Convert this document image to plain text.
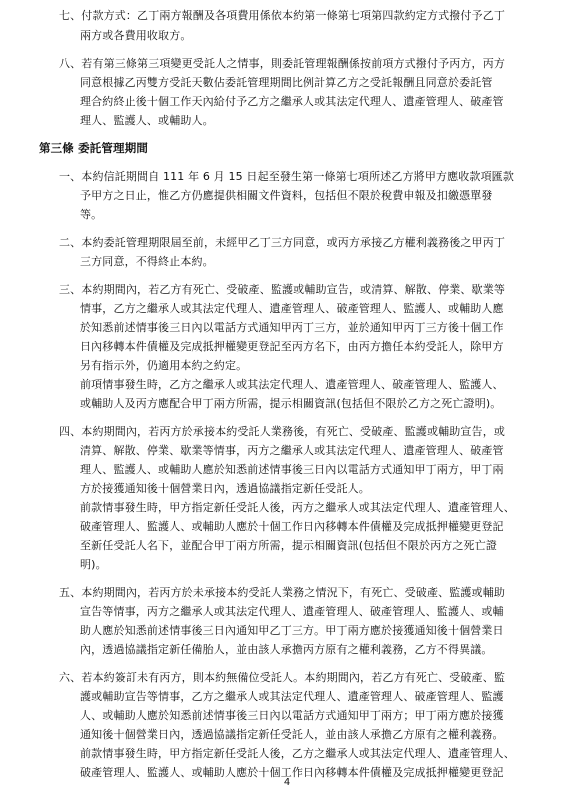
七、付款方式：乙丁兩方報酬及各項費用係依本約第一條第七項第四款約定方式撥付予乙丁
兩方或各費用收取方。
八、若有第三條第三項變更受託人之情事，則委託管理報酬係按前項方式撥付予丙方，丙方
同意根據乙丙雙方受託天數佔委託管理期間比例計算乙方之受託報酬且同意於委託管
理合約終止後十個工作天內給付予乙方之繼承人或其法定代理人、遺產管理人、破產管
理人、監護人、或輔助人。
第三條 委託管理期間
一、本約信託期間自 111 年 6 月 15 日起至發生第一條第七項所述乙方將甲方應收款項匯款
予甲方之日止，惟乙方仍應提供相關文件資料，包括但不限於稅費申報及扣繳憑單發
等。
二、本約委託管理期限屆至前，未經甲乙丁三方同意，或丙方承接乙方權利義務後之甲丙丁
三方同意，不得終止本約。
三、本約期間內，若乙方有死亡、受破產、監護或輔助宣告，或清算、解散、停業、歇業等
情事，乙方之繼承人或其法定代理人、遺產管理人、破產管理人、監護人、或輔助人應
於知悉前述情事後三日內以電話方式通知甲丙丁三方，並於通知甲丙丁三方後十個工作
日內移轉本件債權及完成抵押權變更登記至丙方名下，由丙方擔任本約受託人，除甲方
另有指示外，仍適用本約之約定。
前項情事發生時，乙方之繼承人或其法定代理人、遺產管理人、破產管理人、監護人、
或輔助人及丙方應配合甲丁兩方所需，提示相關資訊(包括但不限於乙方之死亡證明)。
四、本約期間內，若丙方於承接本約受託人業務後，有死亡、受破產、監護或輔助宣告，或
清算、解散、停業、歇業等情事，丙方之繼承人或其法定代理人、遺產管理人、破產管
理人、監護人、或輔助人應於知悉前述情事後三日內以電話方式通知甲丁兩方，甲丁兩
方於接獲通知後十個營業日內，透過協議指定新任受託人。
前款情事發生時，甲方指定新任受託人後，丙方之繼承人或其法定代理人、遺產管理人、
破產管理人、監護人、或輔助人應於十個工作日內移轉本件債權及完成抵押權變更登記
至新任受託人名下，並配合甲丁兩方所需，提示相關資訊(包括但不限於丙方之死亡證
明)。
五、本約期間內，若丙方於未承接本約受託人業務之情況下，有死亡、受破產、監護或輔助
宣告等情事，丙方之繼承人或其法定代理人、遺產管理人、破產管理人、監護人、或輔
助人應於知悉前述情事後三日內通知甲乙丁三方。甲丁兩方應於接獲通知後十個營業日
內，透過協議指定新任備胎人，並由該人承擔丙方原有之權利義務，乙方不得異議。
六、若本約簽訂未有丙方，則本約無備位受託人。本約期間內，若乙方有死亡、受破產、監
護或輔助宣告等情事，乙方之繼承人或其法定代理人、遺產管理人、破產管理人、監護
人、或輔助人應於知悉前述情事後三日內以電話方式通知甲丁兩方；甲丁兩方應於接獲
通知後十個營業日內，透過協議指定新任受託人，並由該人承擔乙方原有之權利義務。
前款情事發生時，甲方指定新任受託人後，乙方之繼承人或其法定代理人、遺產管理人、
破產管理人、監護人、或輔助人應於十個工作日內移轉本件債權及完成抵押權變更登記
4
